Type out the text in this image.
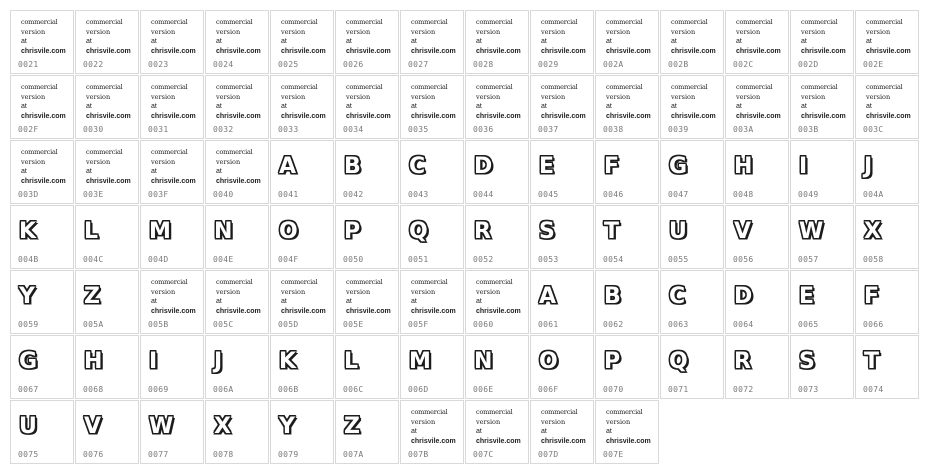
commercial
version
at
chrisvile.com
0021
commercial
version
at
chrisvile.com
0022
commercial
version
at
chrisvile.com
0023
commercial
version
at
chrisvile.com
0024
commercial
version
at
chrisvile.com
0025
commercial
version
at
chrisvile.com
0026
commercial
version
at
chrisvile.com
0027
commercial
version
at
chrisvile.com
0028
commercial
version
at
chrisvile.com
0029
commercial
version
at
chrisvile.com
002A
commercial
version
at
chrisvile.com
002B
commercial
version
at
chrisvile.com
002C
commercial
version
at
chrisvile.com
002D
commercial
version
at
chrisvile.com
002E
commercial
version
at
chrisvile.com
002F
commercial
version
at
chrisvile.com
0030
commercial
version
at
chrisvile.com
0031
commercial
version
at
chrisvile.com
0032
commercial
version
at
chrisvile.com
0033
commercial
version
at
chrisvile.com
0034
commercial
version
at
chrisvile.com
0035
commercial
version
at
chrisvile.com
0036
commercial
version
at
chrisvile.com
0037
commercial
version
at
chrisvile.com
0038
commercial
version
at
chrisvile.com
0039
commercial
version
at
chrisvile.com
003A
commercial
version
at
chrisvile.com
003B
commercial
version
at
chrisvile.com
003C
commercial
version
at
chrisvile.com
003D
commercial
version
at
chrisvile.com
003E
commercial
version
at
chrisvile.com
003F
commercial
version
at
chrisvile.com
0040
A
0041
B
0042
C
0043
D
0044
E
0045
F
0046
G
0047
H
0048
I
0049
J
004A
K
004B
L
004C
M
004D
N
004E
O
004F
P
0050
Q
0051
R
0052
S
0053
T
0054
U
0055
V
0056
W
0057
X
0058
Y
0059
Z
005A
commercial
version
at
chrisvile.com
005B
commercial
version
at
chrisvile.com
005C
commercial
version
at
chrisvile.com
005D
commercial
version
at
chrisvile.com
005E
commercial
version
at
chrisvile.com
005F
commercial
version
at
chrisvile.com
0060
A
0061
B
0062
C
0063
D
0064
E
0065
F
0066
G
0067
H
0068
I
0069
J
006A
K
006B
L
006C
M
006D
N
006E
O
006F
P
0070
Q
0071
R
0072
S
0073
T
0074
U
0075
V
0076
W
0077
X
0078
Y
0079
Z
007A
commercial
version
at
chrisvile.com
007B
commercial
version
at
chrisvile.com
007C
commercial
version
at
chrisvile.com
007D
commercial
version
at
chrisvile.com
007E
